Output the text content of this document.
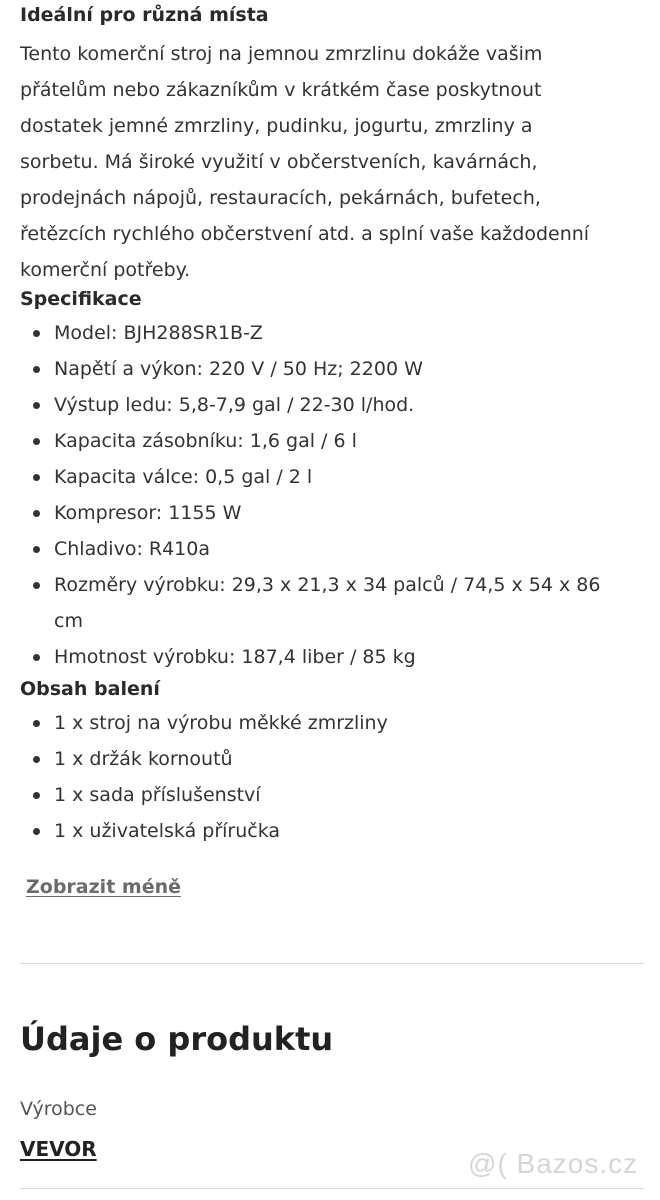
Ideální pro různá místa
Tento komerční stroj na jemnou zmrzlinu dokáže vašim
přátelům nebo zákazníkům v krátkém čase poskytnout
dostatek jemné zmrzliny, pudinku, jogurtu, zmrzliny a
sorbetu. Má široké využití v občerstveních, kavárnách,
prodejnách nápojů, restauracích, pekárnách, bufetech,
řetězcích rychlého občerstvení atd. a splní vaše každodenní
komerční potřeby.
Specifikace
Model: BJH288SR1B-Z
Napětí a výkon: 220 V / 50 Hz; 2200 W
Výstup ledu: 5,8-7,9 gal / 22-30 l/hod.
Kapacita zásobníku: 1,6 gal / 6 l
Kapacita válce: 0,5 gal / 2 l
Kompresor: 1155 W
Chladivo: R410a
Rozměry výrobku: 29,3 x 21,3 x 34 palců / 74,5 x 54 x 86
cm
Hmotnost výrobku: 187,4 liber / 85 kg
Obsah balení
1 x stroj na výrobu měkké zmrzliny
1 x držák kornoutů
1 x sada příslušenství
1 x uživatelská příručka
Zobrazit méně
Údaje o produktu
Výrobce
VEVOR	@( Bazos.cz
